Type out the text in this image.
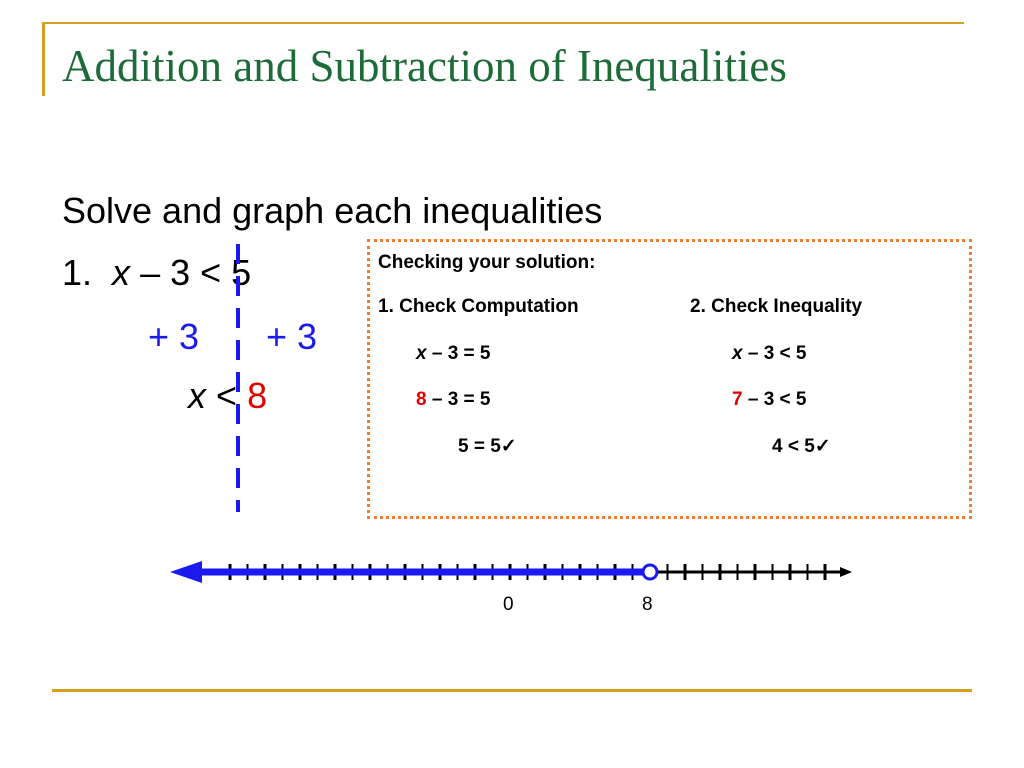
Addition and Subtraction of Inequalities
Solve and graph each inequalities
1. x – 3 < 5
+ 3 + 3
x < 8
Checking your solution:
1. Check Computation	2. Check Inequality
x – 3 = 5
8 – 3 = 5
5 = 5✓
x – 3 < 5
7 – 3 < 5
4 < 5✓
0	8
